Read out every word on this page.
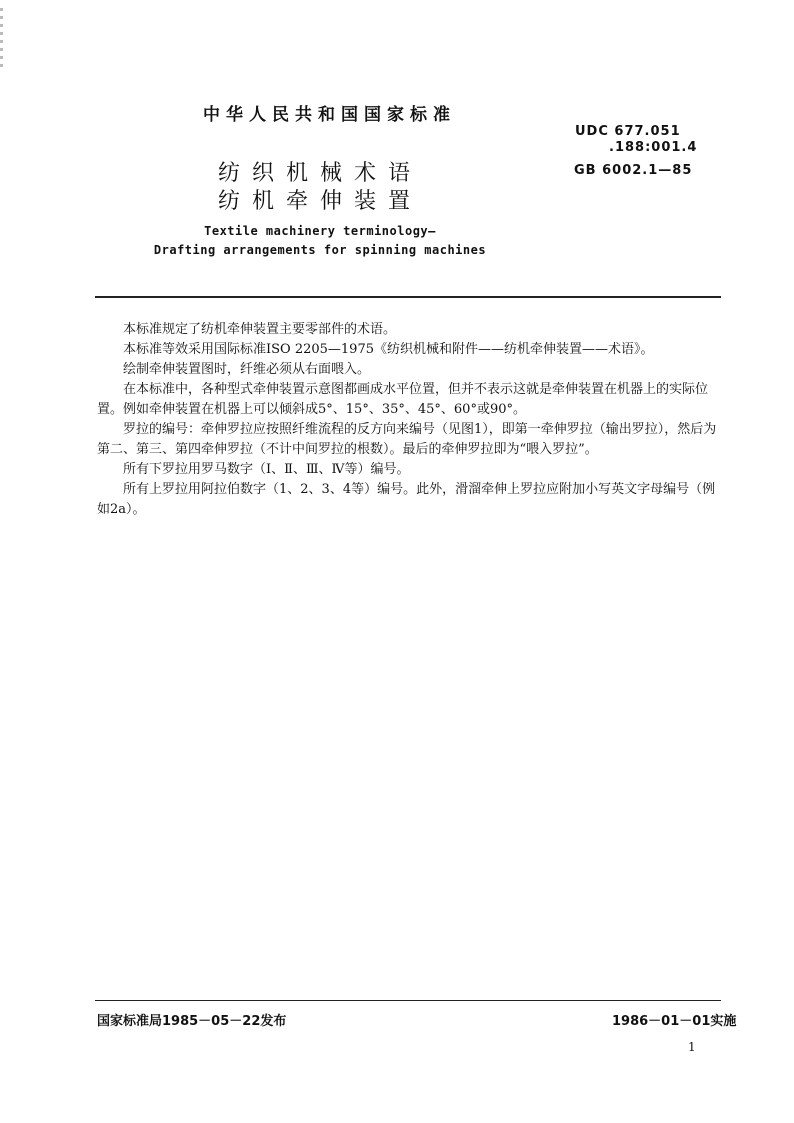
中华人民共和国国家标准
UDC 677.051
.188:001.4
GB 6002.1—85
纺织机械术语
纺机牵伸装置
Textile machinery terminology—
Drafting arrangements for spinning machines

本标准规定了纺机牵伸装置主要零部件的术语。

本标准等效采用国际标准ISO 2205—1975《纺织机械和附件——纺机牵伸装置——术语》。

绘制牵伸装置图时，纤维必须从右面喂入。

在本标准中，各种型式牵伸装置示意图都画成水平位置，但并不表示这就是牵伸装置在机器上的实际位置。例如牵伸装置在机器上可以倾斜成5°、15°、35°、45°、60°或90°。

罗拉的编号：牵伸罗拉应按照纤维流程的反方向来编号（见图1），即第一牵伸罗拉（输出罗拉），然后为第二、第三、第四牵伸罗拉（不计中间罗拉的根数）。最后的牵伸罗拉即为“喂入罗拉”。

所有下罗拉用罗马数字（Ⅰ、Ⅱ、Ⅲ、Ⅳ等）编号。

所有上罗拉用阿拉伯数字（1、2、3、4等）编号。此外，滑溜牵伸上罗拉应附加小写英文字母编号（例如2a）。

国家标准局1985－05－22发布	1986－01－01实施
1
